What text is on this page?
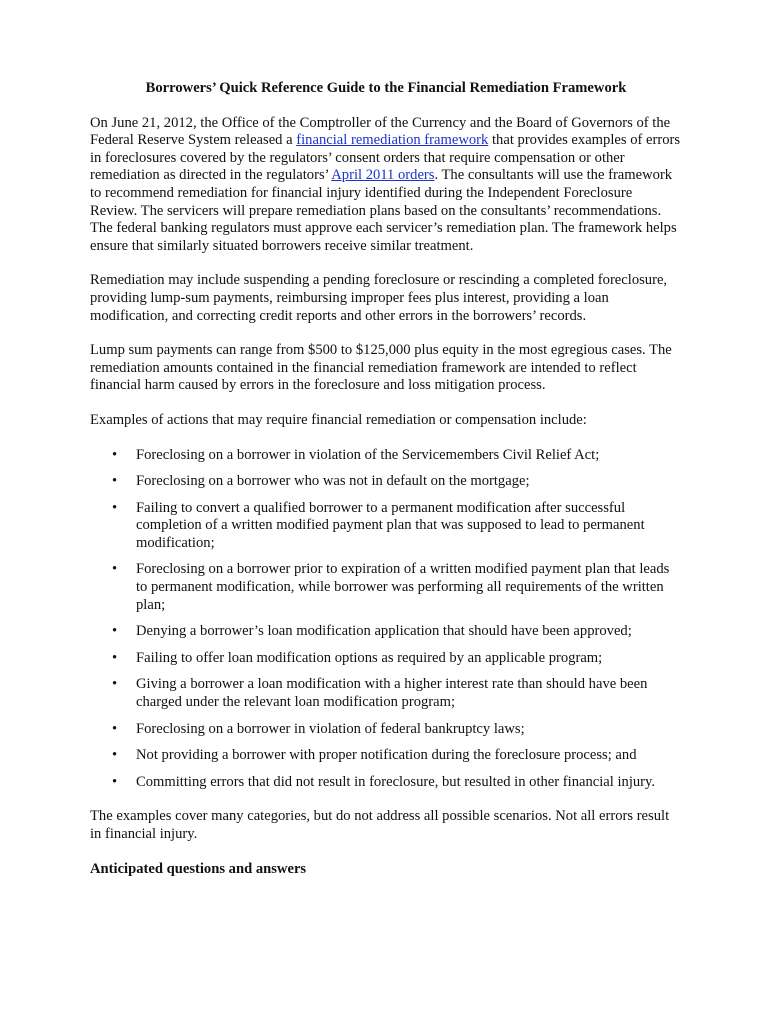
Borrowers’ Quick Reference Guide to the Financial Remediation Framework

On June 21, 2012, the Office of the Comptroller of the Currency and the Board of Governors of the Federal Reserve System released a financial remediation framework that provides examples of errors in foreclosures covered by the regulators’ consent orders that require compensation or other remediation as directed in the regulators’ April 2011 orders. The consultants will use the framework to recommend remediation for financial injury identified during the Independent Foreclosure Review. The servicers will prepare remediation plans based on the consultants’ recommendations. The federal banking regulators must approve each servicer’s remediation plan. The framework helps ensure that similarly situated borrowers receive similar treatment.

Remediation may include suspending a pending foreclosure or rescinding a completed foreclosure, providing lump-sum payments, reimbursing improper fees plus interest, providing a loan modification, and correcting credit reports and other errors in the borrowers’ records.

Lump sum payments can range from $500 to $125,000 plus equity in the most egregious cases. The remediation amounts contained in the financial remediation framework are intended to reflect financial harm caused by errors in the foreclosure and loss mitigation process.

Examples of actions that may require financial remediation or compensation include:

• Foreclosing on a borrower in violation of the Servicemembers Civil Relief Act;
• Foreclosing on a borrower who was not in default on the mortgage;
• Failing to convert a qualified borrower to a permanent modification after successful completion of a written modified payment plan that was supposed to lead to permanent modification;
• Foreclosing on a borrower prior to expiration of a written modified payment plan that leads to permanent modification, while borrower was performing all requirements of the written plan;
• Denying a borrower’s loan modification application that should have been approved;
• Failing to offer loan modification options as required by an applicable program;
• Giving a borrower a loan modification with a higher interest rate than should have been charged under the relevant loan modification program;
• Foreclosing on a borrower in violation of federal bankruptcy laws;
• Not providing a borrower with proper notification during the foreclosure process; and
• Committing errors that did not result in foreclosure, but resulted in other financial injury.

The examples cover many categories, but do not address all possible scenarios. Not all errors result in financial injury.

Anticipated questions and answers
